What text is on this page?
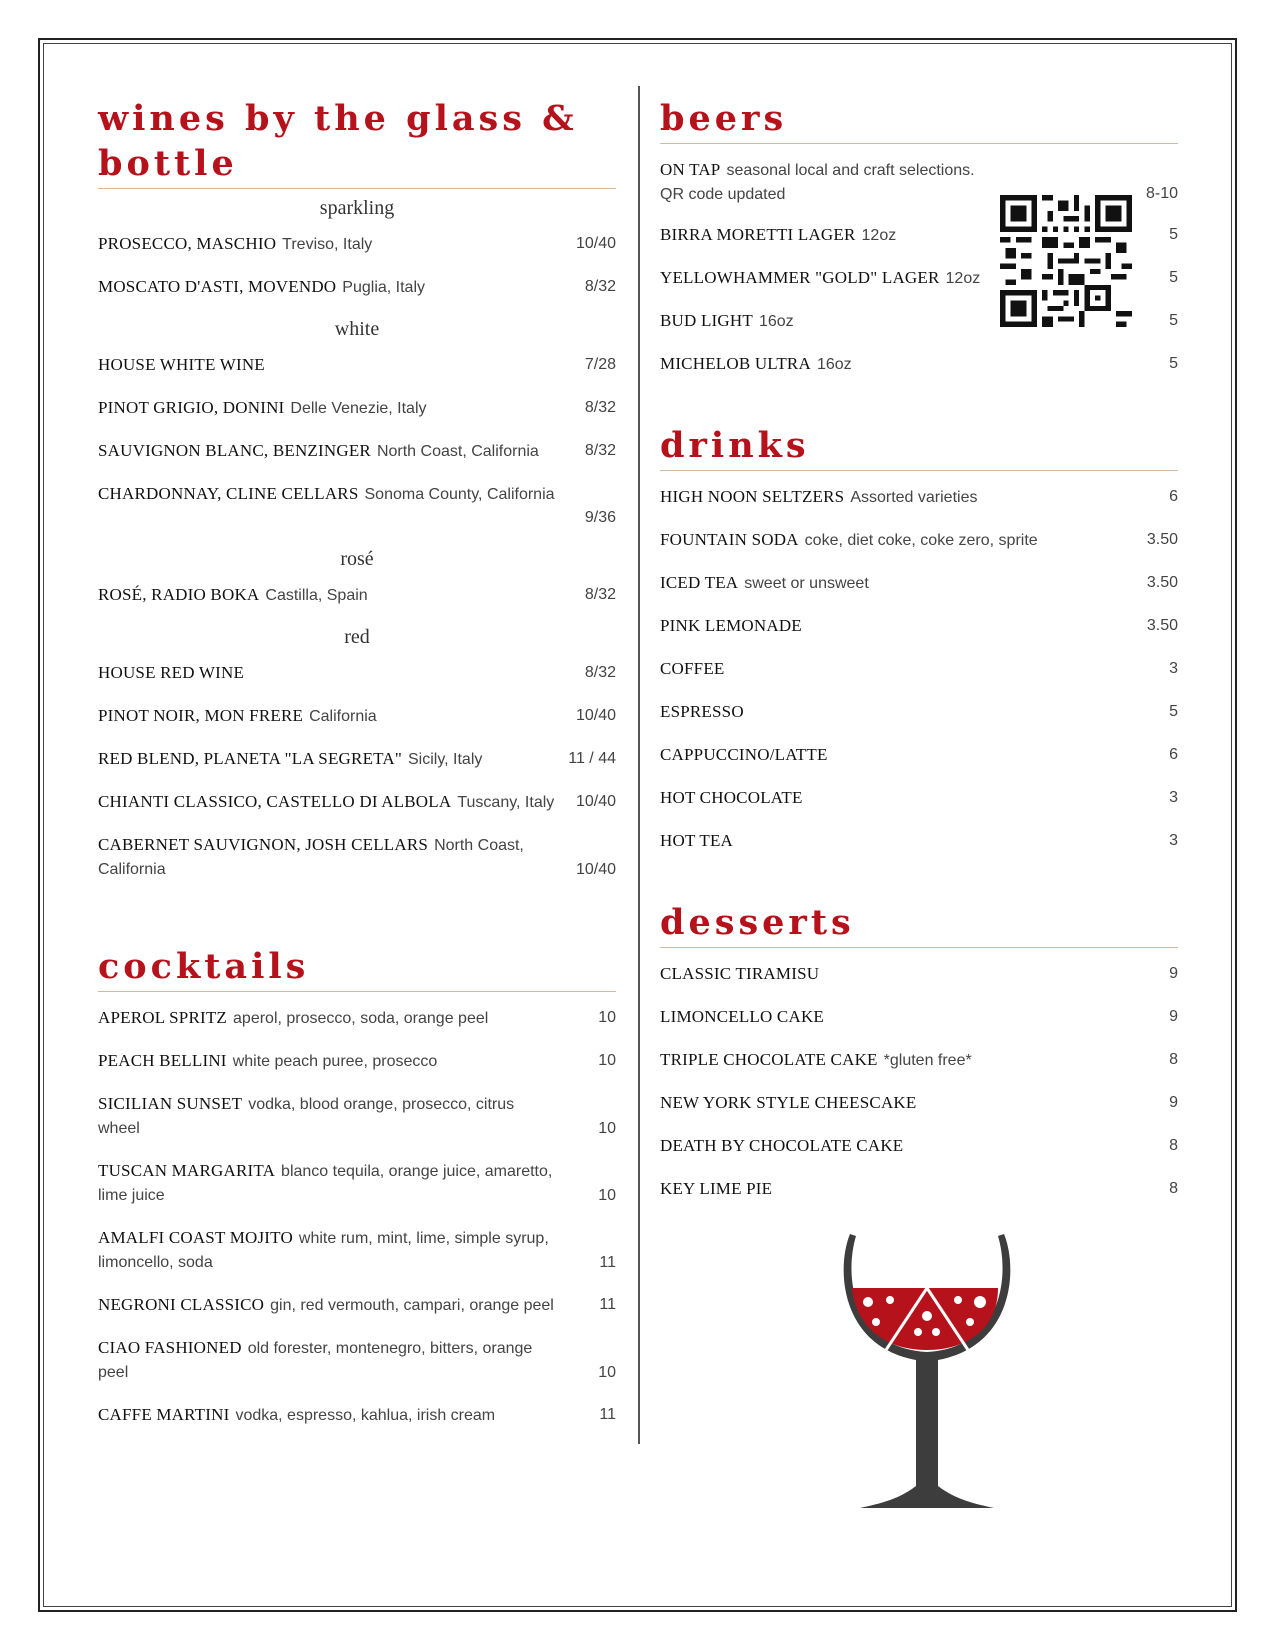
wines by the glass & bottle
sparkling
PROSECCO, MASCHIO Treviso, Italy	10/40
MOSCATO D'ASTI, MOVENDO Puglia, Italy	8/32
white
HOUSE WHITE WINE	7/28
PINOT GRIGIO, DONINI Delle Venezie, Italy	8/32
SAUVIGNON BLANC, BENZINGER North Coast, California	8/32
CHARDONNAY, CLINE CELLARS Sonoma County, California
9/36
rosé
ROSÉ, RADIO BOKA Castilla, Spain	8/32
red
HOUSE RED WINE	8/32
PINOT NOIR, MON FRERE California	10/40
RED BLEND, PLANETA "LA SEGRETA" Sicily, Italy	11 / 44
CHIANTI CLASSICO, CASTELLO DI ALBOLA Tuscany, Italy	10/40
CABERNET SAUVIGNON, JOSH CELLARS North Coast, California	10/40
cocktails
APEROL SPRITZ aperol, prosecco, soda, orange peel	10
PEACH BELLINI white peach puree, prosecco	10
SICILIAN SUNSET vodka, blood orange, prosecco, citrus wheel	10
TUSCAN MARGARITA blanco tequila, orange juice, amaretto, lime juice	10
AMALFI COAST MOJITO white rum, mint, lime, simple syrup, limoncello, soda	11
NEGRONI CLASSICO gin, red vermouth, campari, orange peel	11
CIAO FASHIONED old forester, montenegro, bitters, orange peel	10
CAFFE MARTINI vodka, espresso, kahlua, irish cream	11
beers
ON TAP seasonal local and craft selections. QR code updated	8-10
BIRRA MORETTI LAGER 12oz	5
YELLOWHAMMER "GOLD" LAGER 12oz	5
BUD LIGHT 16oz	5
MICHELOB ULTRA 16oz	5
drinks
HIGH NOON SELTZERS Assorted varieties	6
FOUNTAIN SODA coke, diet coke, coke zero, sprite	3.50
ICED TEA sweet or unsweet	3.50
PINK LEMONADE	3.50
COFFEE	3
ESPRESSO	5
CAPPUCCINO/LATTE	6
HOT CHOCOLATE	3
HOT TEA	3
desserts
CLASSIC TIRAMISU	9
LIMONCELLO CAKE	9
TRIPLE CHOCOLATE CAKE *gluten free*	8
NEW YORK STYLE CHEESCAKE	9
DEATH BY CHOCOLATE CAKE	8
KEY LIME PIE	8
